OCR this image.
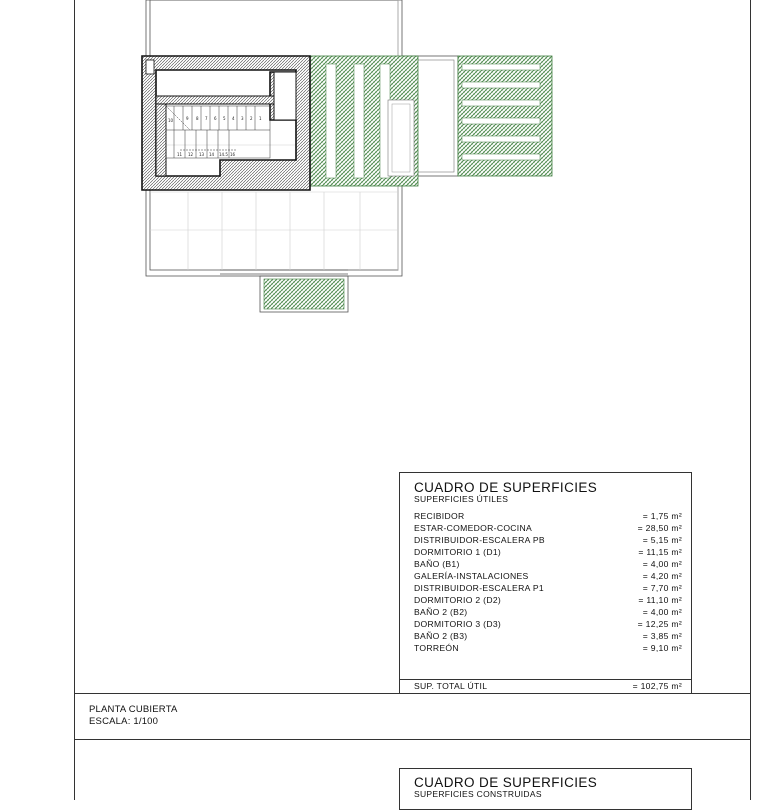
10	9 8 7 6 5 4 3 2 1
11 12 13 14 14.5 16
CUADRO DE SUPERFICIES
SUPERFICIES ÚTILES
RECIBIDOR	= 1,75 m²
ESTAR-COMEDOR-COCINA	= 28,50 m²
DISTRIBUIDOR-ESCALERA PB	= 5,15 m²
DORMITORIO 1 (D1)	= 11,15 m²
BAÑO (B1)	= 4,00 m²
GALERÍA-INSTALACIONES	= 4,20 m²
DISTRIBUIDOR-ESCALERA P1	= 7,70 m²
DORMITORIO 2 (D2)	= 11,10 m²
BAÑO 2 (B2)	= 4,00 m²
DORMITORIO 3 (D3)	= 12,25 m²
BAÑO 2 (B3)	= 3,85 m²
TORREÓN	= 9,10 m²
SUP. TOTAL ÚTIL	= 102,75 m²
PLANTA CUBIERTA
ESCALA: 1/100
CUADRO DE SUPERFICIES
SUPERFICIES CONSTRUIDAS
